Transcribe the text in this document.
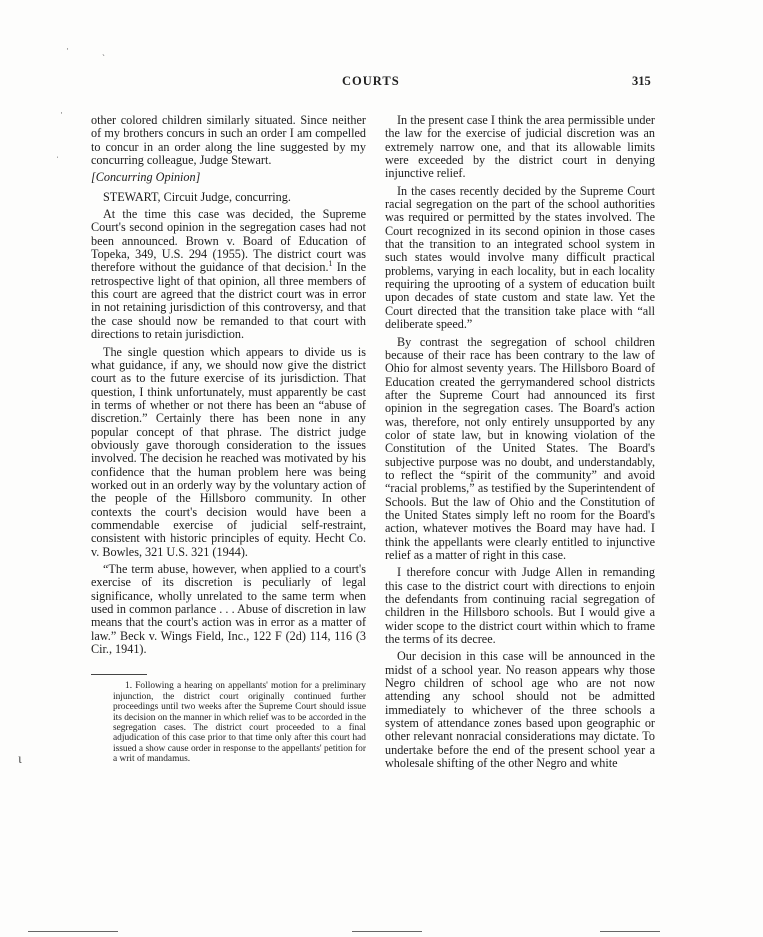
·	ˏ
·
ˌ
ɩ
COURTS	315

other colored children similarly situated. Since neither of my brothers concurs in such an order I am compelled to concur in an order along the line suggested by my concurring colleague, Judge Stewart.

[Concurring Opinion]

STEWART, Circuit Judge, concurring.

At the time this case was decided, the Supreme Court's second opinion in the segregation cases had not been announced. Brown v. Board of Education of Topeka, 349, U.S. 294 (1955). The district court was therefore without the guidance of that decision.$^1$ In the retrospective light of that opinion, all three members of this court are agreed that the district court was in error in not retaining jurisdiction of this controversy, and that the case should now be remanded to that court with directions to retain jurisdiction.

The single question which appears to divide us is what guidance, if any, we should now give the district court as to the future exercise of its jurisdiction. That question, I think unfortunately, must apparently be cast in terms of whether or not there has been an “abuse of discretion.” Certainly there has been none in any popular concept of that phrase. The district judge obviously gave thorough consideration to the issues involved. The decision he reached was motivated by his confidence that the human problem here was being worked out in an orderly way by the voluntary action of the people of the Hillsboro community. In other contexts the court's decision would have been a commendable exercise of judicial self-restraint, consistent with historic principles of equity. Hecht Co. v. Bowles, 321 U.S. 321 (1944).

“The term abuse, however, when applied to a court's exercise of its discretion is peculiarly of legal significance, wholly unrelated to the same term when used in common parlance . . . Abuse of discretion in law means that the court's action was in error as a matter of law.” Beck v. Wings Field, Inc., 122 F (2d) 114, 116 (3 Cir., 1941).

1. Following a hearing on appellants' motion for a preliminary injunction, the district court originally continued further proceedings until two weeks after the Supreme Court should issue its decision on the manner in which relief was to be accorded in the segregation cases. The district court proceeded to a final adjudication of this case prior to that time only after this court had issued a show cause order in response to the appellants' petition for a writ of mandamus.

In the present case I think the area permissible under the law for the exercise of judicial discretion was an extremely narrow one, and that its allowable limits were exceeded by the district court in denying injunctive relief.

In the cases recently decided by the Supreme Court racial segregation on the part of the school authorities was required or permitted by the states involved. The Court recognized in its second opinion in those cases that the transition to an integrated school system in such states would involve many difficult practical problems, varying in each locality, but in each locality requiring the uprooting of a system of education built upon decades of state custom and state law. Yet the Court directed that the transition take place with “all deliberate speed.”

By contrast the segregation of school children because of their race has been contrary to the law of Ohio for almost seventy years. The Hillsboro Board of Education created the gerrymandered school districts after the Supreme Court had announced its first opinion in the segregation cases. The Board's action was, therefore, not only entirely unsupported by any color of state law, but in knowing violation of the Constitution of the United States. The Board's subjective purpose was no doubt, and understandably, to reflect the “spirit of the community” and avoid “racial problems,” as testified by the Superintendent of Schools. But the law of Ohio and the Constitution of the United States simply left no room for the Board's action, whatever motives the Board may have had. I think the appellants were clearly entitled to injunctive relief as a matter of right in this case.

I therefore concur with Judge Allen in remanding this case to the district court with directions to enjoin the defendants from continuing racial segregation of children in the Hillsboro schools. But I would give a wider scope to the district court within which to frame the terms of its decree.

Our decision in this case will be announced in the midst of a school year. No reason appears why those Negro children of school age who are not now attending any school should not be admitted immediately to whichever of the three schools a system of attendance zones based upon geographic or other relevant nonracial considerations may dictate. To undertake before the end of the present school year a wholesale shifting of the other Negro and white
